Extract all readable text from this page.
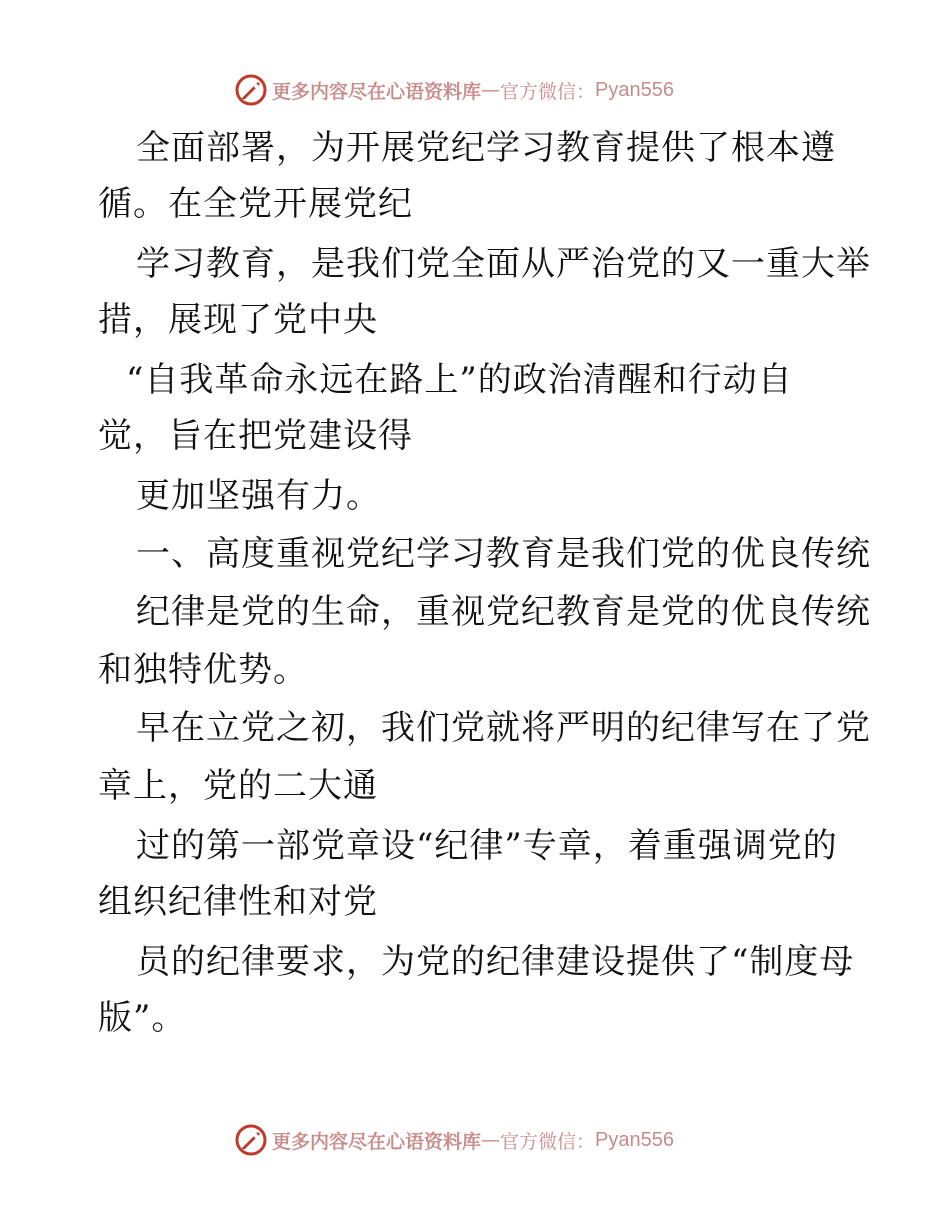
更多内容尽在心语资料库 — 官方微信： Pyan556
全面部署，为开展党纪学习教育提供了根本遵
循。在全党开展党纪
学习教育，是我们党全面从严治党的又一重大举
措，展现了党中央
“自我革命永远在路上”的政治清醒和行动自
觉，旨在把党建设得
更加坚强有力。
一、高度重视党纪学习教育是我们党的优良传统
纪律是党的生命，重视党纪教育是党的优良传统
和独特优势。
早在立党之初，我们党就将严明的纪律写在了党
章上，党的二大通
过的第一部党章设“纪律”专章，着重强调党的
组织纪律性和对党
员的纪律要求，为党的纪律建设提供了“制度母
版”。
更多内容尽在心语资料库 — 官方微信： Pyan556
